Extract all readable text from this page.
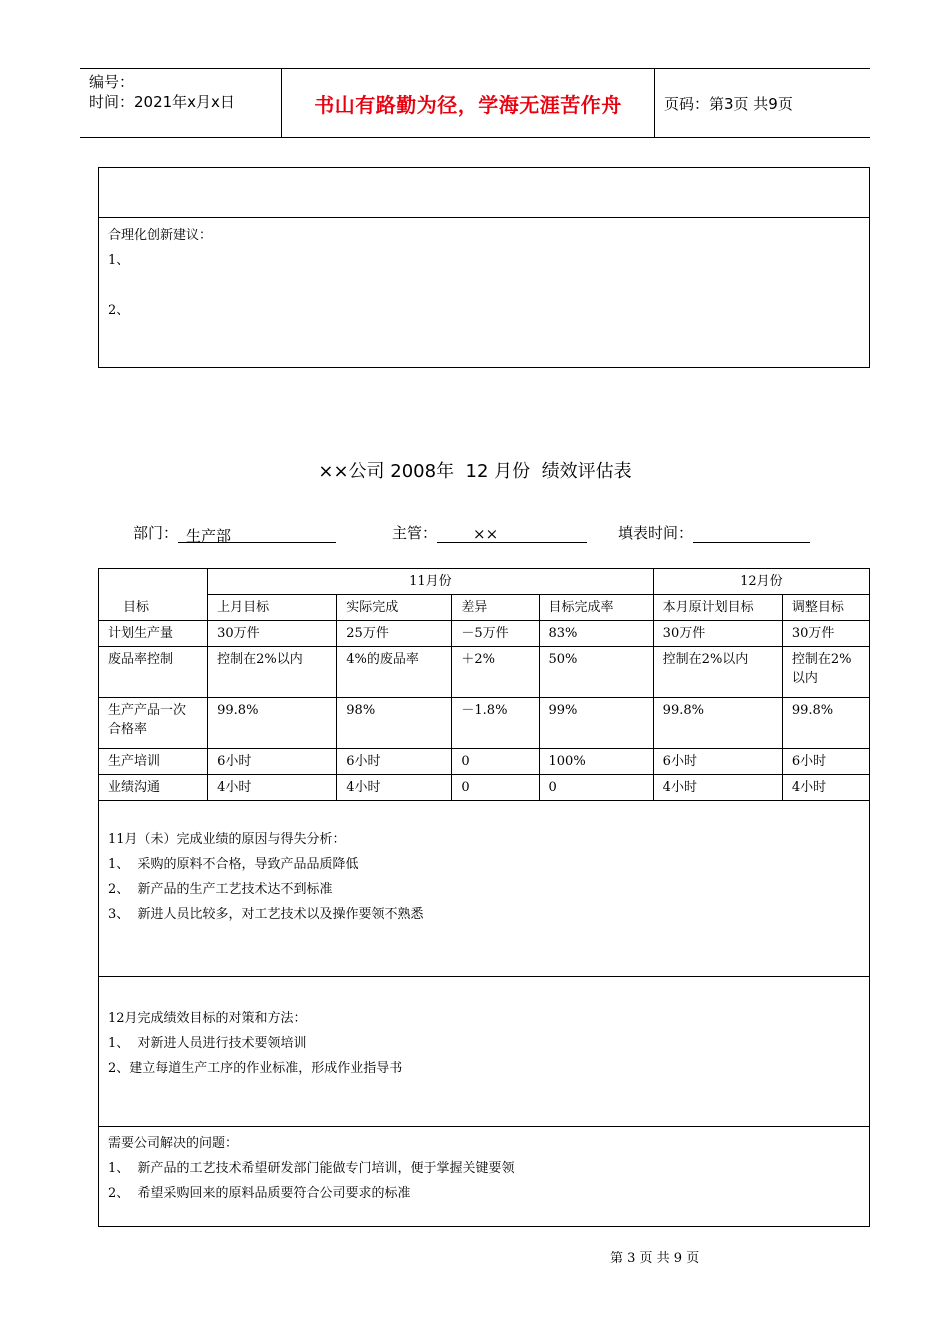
编号：
时间：2021年x月x日	书山有路勤为径，学海无涯苦作舟	页码：第3页 共9页
合理化创新建议：
1、
2、
××公司 2008年  12 月份  绩效评估表
部门： 生产部	主管： ××	填表时间：
目标	11月份				12月份	
	上月目标	实际完成	差异	目标完成率	本月原计划目标	调整目标
计划生产量	30万件	25万件	－5万件	83%	30万件	30万件
废品率控制	控制在2%以内	4%的废品率	＋2%	50%	控制在2%以内	控制在2%以内
生产产品一次合格率	99.8%	98%	－1.8%	99%	99.8%	99.8%
生产培训	6小时	6小时	0	100%	6小时	6小时
业绩沟通	4小时	4小时	0	0	4小时	4小时
11月（未）完成业绩的原因与得失分析：
1、  采购的原料不合格，导致产品品质降低
2、  新产品的生产工艺技术达不到标准
3、  新进人员比较多，对工艺技术以及操作要领不熟悉
12月完成绩效目标的对策和方法：
1、  对新进人员进行技术要领培训
2、建立每道生产工序的作业标准，形成作业指导书
需要公司解决的问题：
1、  新产品的工艺技术希望研发部门能做专门培训，便于掌握关键要领
2、  希望采购回来的原料品质要符合公司要求的标准
第 3 页 共 9 页
